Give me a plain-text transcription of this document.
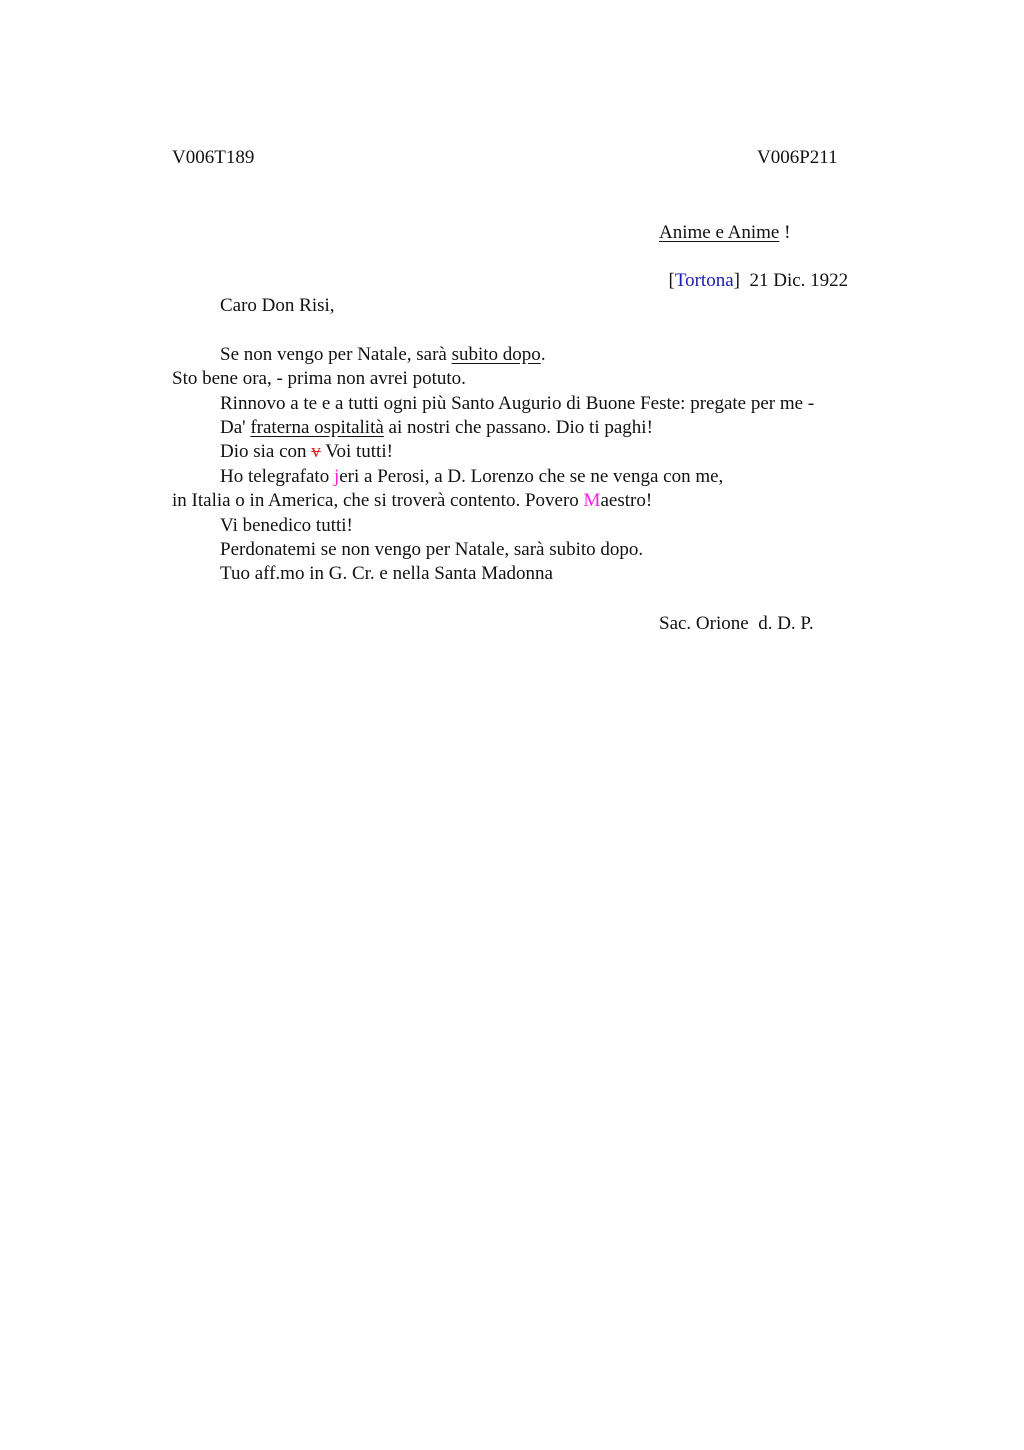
V006T189	V006P211
Anime e Anime !

[Tortona]  21 Dic. 1922

Caro Don Risi,
Se non vengo per Natale, sarà subito dopo.
Sto bene ora, - prima non avrei potuto.
Rinnovo a te e a tutti ogni più Santo Augurio di Buone Feste: pregate per me -
Da' fraterna ospitalità ai nostri che passano. Dio ti paghi!
Dio sia con v Voi tutti!
Ho telegrafato jeri a Perosi, a D. Lorenzo che se ne venga con me,
in Italia o in America, che si troverà contento. Povero Maestro!
Vi benedico tutti!
Perdonatemi se non vengo per Natale, sarà subito dopo.
Tuo aff.mo in G. Cr. e nella Santa Madonna
Sac. Orione  d. D. P.
